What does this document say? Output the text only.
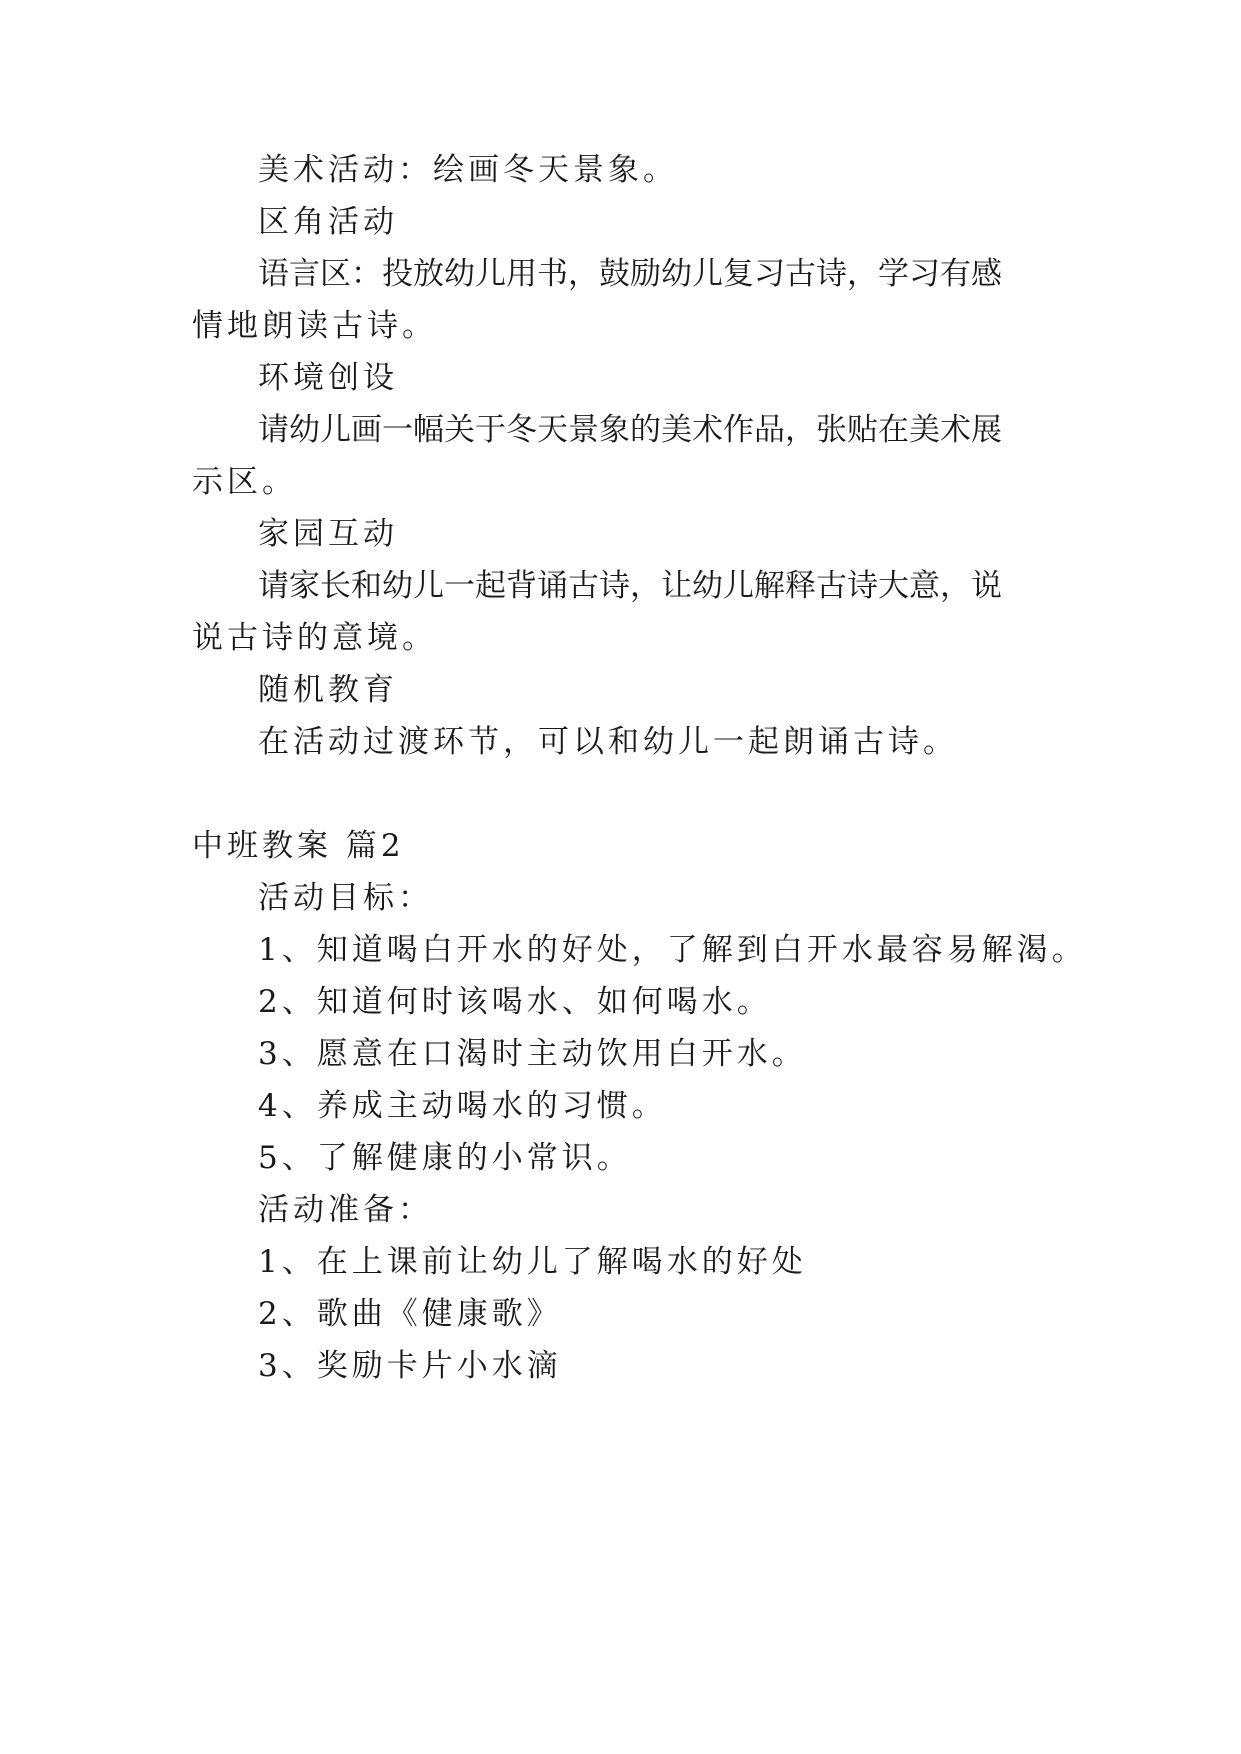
美术活动：绘画冬天景象。
区角活动
语言区：投放幼儿用书，鼓励幼儿复习古诗，学习有感
情地朗读古诗。
环境创设
请幼儿画一幅关于冬天景象的美术作品，张贴在美术展
示区。
家园互动
请家长和幼儿一起背诵古诗，让幼儿解释古诗大意，说
说古诗的意境。
随机教育
在活动过渡环节，可以和幼儿一起朗诵古诗。
中班教案 篇2
活动目标：
1、知道喝白开水的好处，了解到白开水最容易解渴。
2、知道何时该喝水、如何喝水。
3、愿意在口渴时主动饮用白开水。
4、养成主动喝水的习惯。
5、了解健康的小常识。
活动准备：
1、在上课前让幼儿了解喝水的好处
2、歌曲《健康歌》
3、奖励卡片小水滴
